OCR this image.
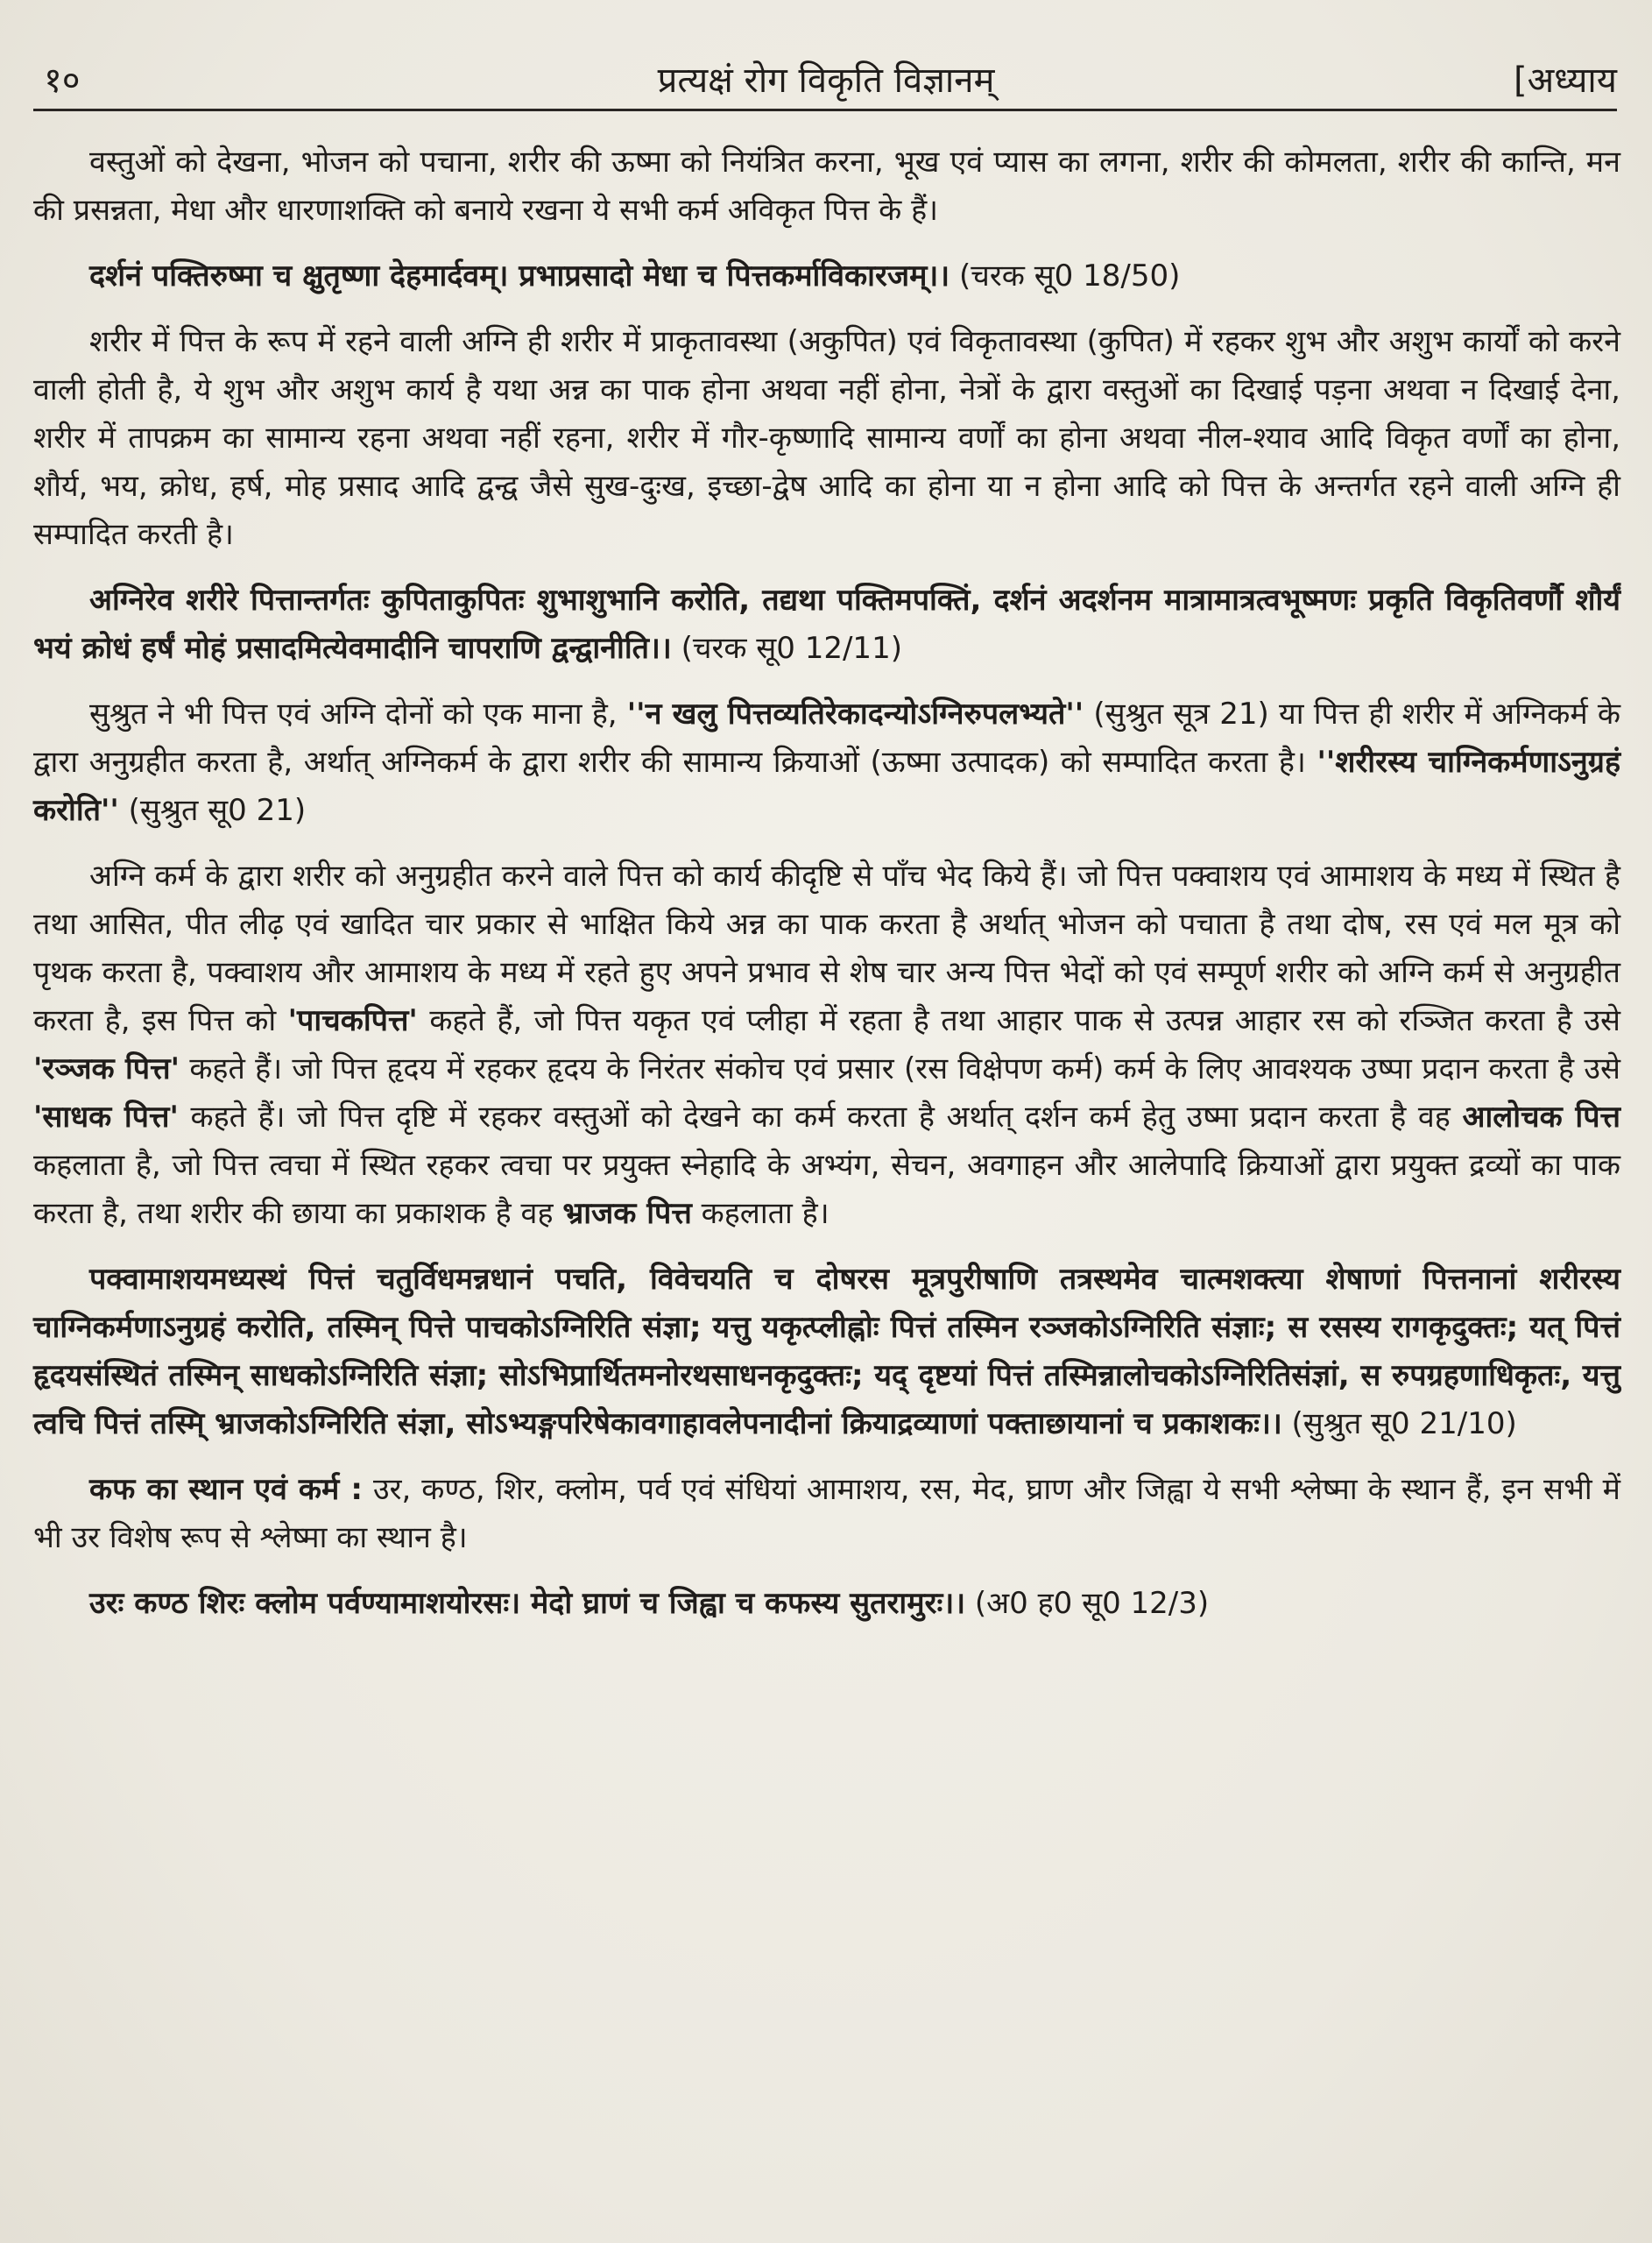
१०	प्रत्यक्षं रोग विकृति विज्ञानम्	[अध्याय

वस्तुओं को देखना, भोजन को पचाना, शरीर की ऊष्मा को नियंत्रित करना, भूख एवं प्यास का लगना, शरीर की कोमलता, शरीर की कान्ति, मन की प्रसन्नता, मेधा और धारणाशक्ति को बनाये रखना ये सभी कर्म अविकृत पित्त के हैं।

दर्शनं पक्तिरुष्मा च क्षुतृष्णा देहमार्दवम्। प्रभाप्रसादो मेधा च पित्तकर्माविकारजम्।। (चरक सू0 18/50)

शरीर में पित्त के रूप में रहने वाली अग्नि ही शरीर में प्राकृतावस्था (अकुपित) एवं विकृतावस्था (कुपित) में रहकर शुभ और अशुभ कार्यों को करने वाली होती है, ये शुभ और अशुभ कार्य है यथा अन्न का पाक होना अथवा नहीं होना, नेत्रों के द्वारा वस्तुओं का दिखाई पड़ना अथवा न दिखाई देना, शरीर में तापक्रम का सामान्य रहना अथवा नहीं रहना, शरीर में गौर-कृष्णादि सामान्य वर्णों का होना अथवा नील-श्याव आदि विकृत वर्णों का होना, शौर्य, भय, क्रोध, हर्ष, मोह प्रसाद आदि द्वन्द्व जैसे सुख-दुःख, इच्छा-द्वेष आदि का होना या न होना आदि को पित्त के अन्तर्गत रहने वाली अग्नि ही सम्पादित करती है।

अग्निरेव शरीरे पित्तान्तर्गतः कुपिताकुपितः शुभाशुभानि करोति, तद्यथा पक्तिमपक्तिं, दर्शनं अदर्शनम मात्रामात्रत्वभूष्मणः प्रकृति विकृतिवर्णौ शौर्यं भयं क्रोधं हर्षं मोहं प्रसादमित्येवमादीनि चापराणि द्वन्द्वानीति।। (चरक सू0 12/11)

सुश्रुत ने भी पित्त एवं अग्नि दोनों को एक माना है, ''न खलु पित्तव्यतिरेकादन्योऽग्निरुपलभ्यते'' (सुश्रुत सूत्र 21) या पित्त ही शरीर में अग्निकर्म के द्वारा अनुग्रहीत करता है, अर्थात् अग्निकर्म के द्वारा शरीर की सामान्य क्रियाओं (ऊष्मा उत्पादक) को सम्पादित करता है। ''शरीरस्य चाग्निकर्मणाऽनुग्रहं करोति'' (सुश्रुत सू0 21)

अग्नि कर्म के द्वारा शरीर को अनुग्रहीत करने वाले पित्त को कार्य कीदृष्टि से पाँच भेद किये हैं। जो पित्त पक्वाशय एवं आमाशय के मध्य में स्थित है तथा आसित, पीत लीढ़ एवं खादित चार प्रकार से भाक्षित किये अन्न का पाक करता है अर्थात् भोजन को पचाता है तथा दोष, रस एवं मल मूत्र को पृथक करता है, पक्वाशय और आमाशय के मध्य में रहते हुए अपने प्रभाव से शेष चार अन्य पित्त भेदों को एवं सम्पूर्ण शरीर को अग्नि कर्म से अनुग्रहीत करता है, इस पित्त को 'पाचकपित्त' कहते हैं, जो पित्त यकृत एवं प्लीहा में रहता है तथा आहार पाक से उत्पन्न आहार रस को रञ्जित करता है उसे 'रञ्जक पित्त' कहते हैं। जो पित्त हृदय में रहकर हृदय के निरंतर संकोच एवं प्रसार (रस विक्षेपण कर्म) कर्म के लिए आवश्यक उष्पा प्रदान करता है उसे 'साधक पित्त' कहते हैं। जो पित्त दृष्टि में रहकर वस्तुओं को देखने का कर्म करता है अर्थात् दर्शन कर्म हेतु उष्मा प्रदान करता है वह आलोचक पित्त कहलाता है, जो पित्त त्वचा में स्थित रहकर त्वचा पर प्रयुक्त स्नेहादि के अभ्यंग, सेचन, अवगाहन और आलेपादि क्रियाओं द्वारा प्रयुक्त द्रव्यों का पाक करता है, तथा शरीर की छाया का प्रकाशक है वह भ्राजक पित्त कहलाता है।

पक्वामाशयमध्यस्थं पित्तं चतुर्विधमन्नधानं पचति, विवेचयति च दोषरस मूत्रपुरीषाणि तत्रस्थमेव चात्मशक्त्या शेषाणां पित्तनानां शरीरस्य चाग्निकर्मणाऽनुग्रहं करोति, तस्मिन् पित्ते पाचकोऽग्निरिति संज्ञा; यत्तु यकृत्प्लीह्नोः पित्तं तस्मिन रञ्जकोऽग्निरिति संज्ञाः; स रसस्य रागकृदुक्तः; यत् पित्तं हृदयसंस्थितं तस्मिन् साधकोऽग्निरिति संज्ञा; सोऽभिप्रार्थितमनोरथसाधनकृदुक्तः; यद् दृष्टयां पित्तं तस्मिन्नालोचकोऽग्निरितिसंज्ञां, स रुपग्रहणाधिकृतः, यत्तु त्वचि पित्तं तस्मि् भ्राजकोऽग्निरिति संज्ञा, सोऽभ्यङ्गपरिषेकावगाहावलेपनादीनां क्रियाद्रव्याणां पक्ताछायानां च प्रकाशकः।। (सुश्रुत सू0 21/10)

कफ का स्थान एवं कर्म : उर, कण्ठ, शिर, क्लोम, पर्व एवं संधियां आमाशय, रस, मेद, घ्राण और जिह्वा ये सभी श्लेष्मा के स्थान हैं, इन सभी में भी उर विशेष रूप से श्लेष्मा का स्थान है।

उरः कण्ठ शिरः क्लोम पर्वण्यामाशयोरसः। मेदो घ्राणं च जिह्वा च कफस्य सुतरामुरः।। (अ0 ह0 सू0 12/3)
